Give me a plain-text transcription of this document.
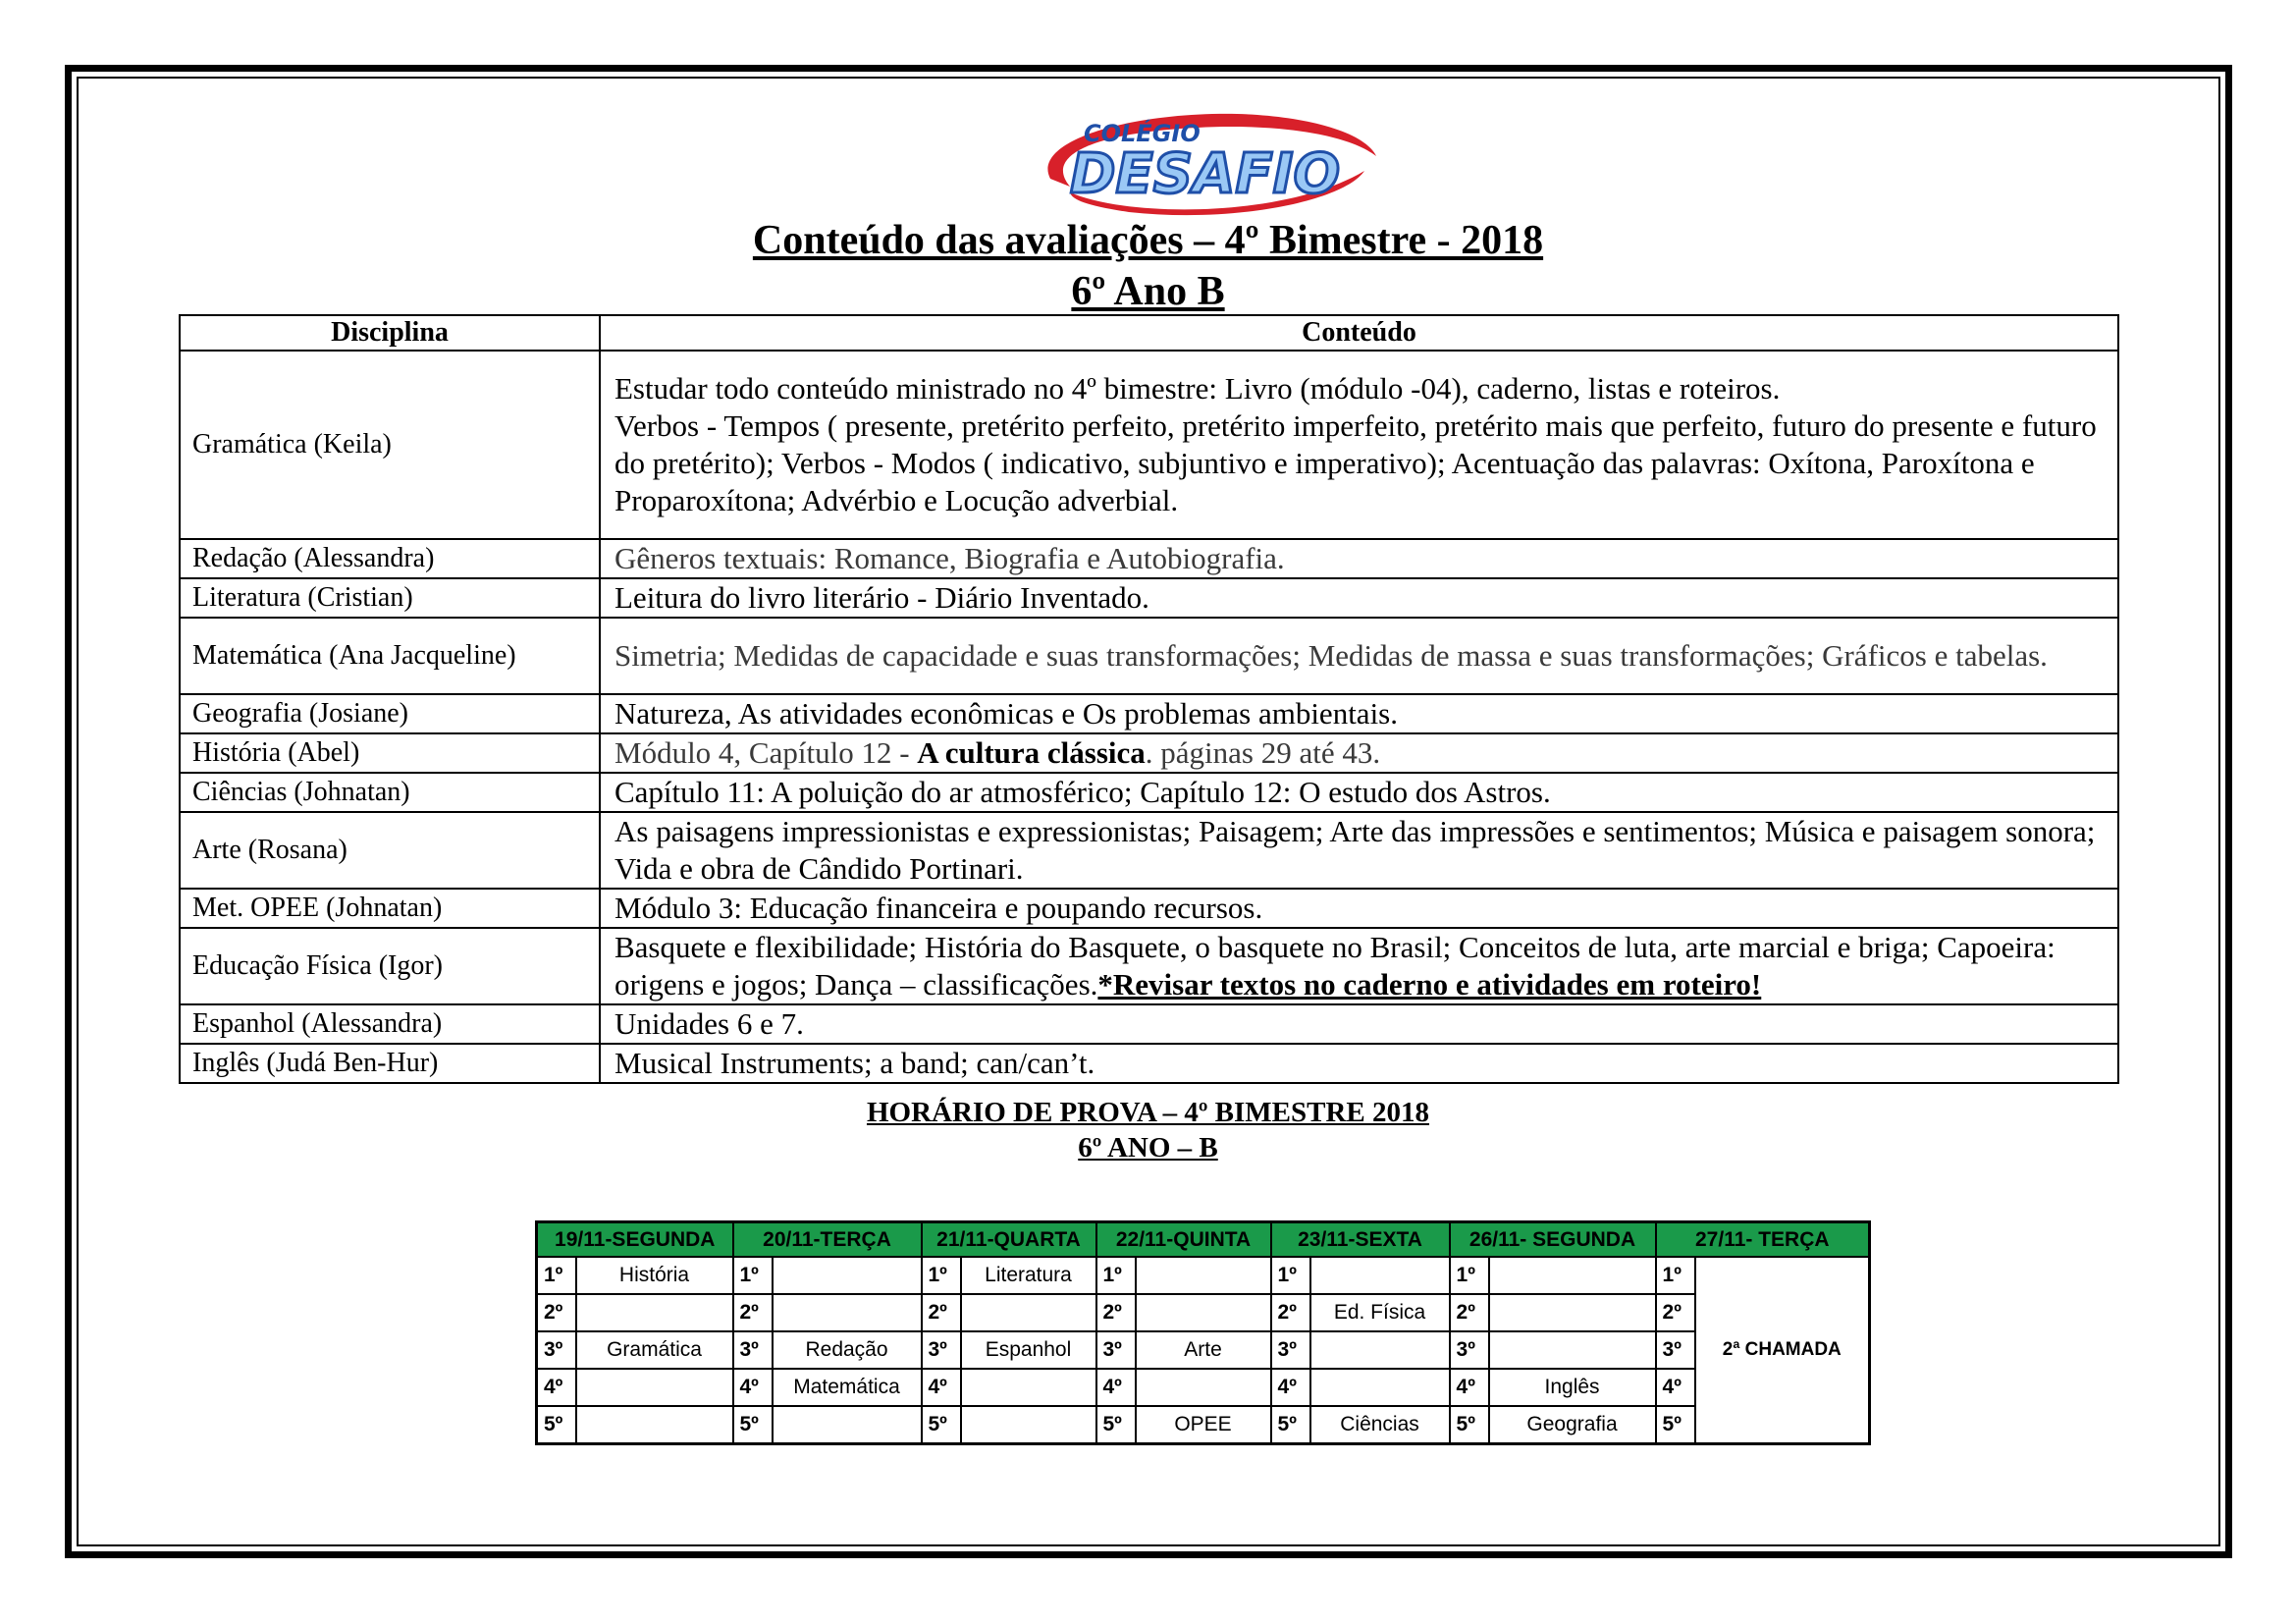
COLÉGIO
DESAFIO
Conteúdo das avaliações – 4º Bimestre - 2018
6º Ano B
Disciplina	Conteúdo
Gramática (Keila)	Estudar todo conteúdo ministrado no 4º bimestre: Livro (módulo -04), caderno, listas e roteiros.
Verbos - Tempos ( presente, pretérito perfeito, pretérito imperfeito, pretérito mais que perfeito, futuro do presente e futuro do pretérito); Verbos - Modos ( indicativo, subjuntivo e imperativo); Acentuação das palavras: Oxítona, Paroxítona e Proparoxítona; Advérbio e Locução adverbial.
Redação (Alessandra)	Gêneros textuais: Romance, Biografia e Autobiografia.
Literatura (Cristian)	Leitura do livro literário - Diário Inventado.
Matemática (Ana Jacqueline)	Simetria; Medidas de capacidade e suas transformações; Medidas de massa e suas transformações; Gráficos e tabelas.
Geografia (Josiane)	Natureza, As atividades econômicas e Os problemas ambientais.
História (Abel)	Módulo 4, Capítulo 12 - A cultura clássica. páginas 29 até 43.
Ciências (Johnatan)	Capítulo 11: A poluição do ar atmosférico; Capítulo 12: O estudo dos Astros.
Arte (Rosana)	As paisagens impressionistas e expressionistas; Paisagem; Arte das impressões e sentimentos; Música e paisagem sonora; Vida e obra de Cândido Portinari.
Met. OPEE (Johnatan)	Módulo 3: Educação financeira e poupando recursos.
Educação Física (Igor)	Basquete e flexibilidade; História do Basquete, o basquete no Brasil; Conceitos de luta, arte marcial e briga; Capoeira: origens e jogos; Dança – classificações.*Revisar textos no caderno e atividades em roteiro!
Espanhol (Alessandra)	Unidades 6 e 7.
Inglês (Judá Ben-Hur)	Musical Instruments; a band; can/can’t.
HORÁRIO DE PROVA – 4º BIMESTRE 2018
6º ANO – B
19/11-SEGUNDA		20/11-TERÇA		21/11-QUARTA		22/11-QUINTA		23/11-SEXTA		26/11- SEGUNDA		27/11- TERÇA	
1º	História	1º		1º	Literatura	1º		1º		1º		1º	2ª CHAMADA
2º		2º		2º		2º		2º	Ed. Física	2º		2º	
3º	Gramática	3º	Redação	3º	Espanhol	3º	Arte	3º		3º		3º	
4º		4º	Matemática	4º		4º		4º		4º	Inglês	4º	
5º		5º		5º		5º	OPEE	5º	Ciências	5º	Geografia	5º	
